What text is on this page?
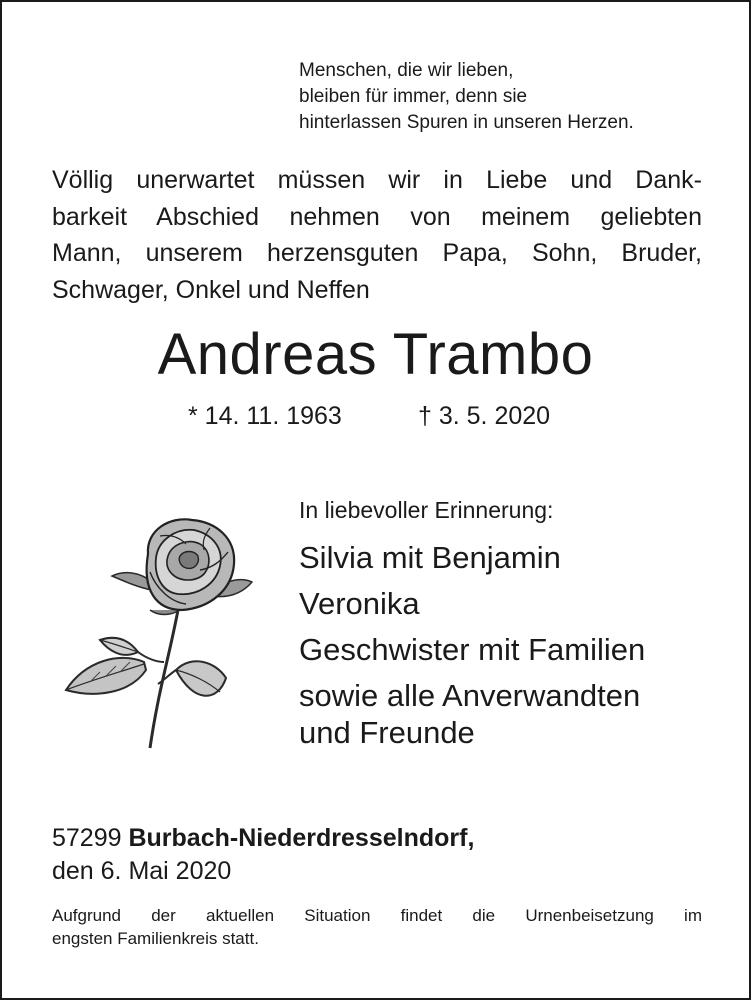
Menschen, die wir lieben,
bleiben für immer, denn sie
hinterlassen Spuren in unseren Herzen.
Völlig unerwartet müssen wir in Liebe und Dank-
barkeit Abschied nehmen von meinem geliebten
Mann, unserem herzensguten Papa, Sohn, Bruder,
Schwager, Onkel und Neffen
Andreas Trambo
* 14. 11. 1963	† 3. 5. 2020
In liebevoller Erinnerung:
Silvia mit Benjamin
Veronika
Geschwister mit Familien
sowie alle Anverwandten
und Freunde
57299 Burbach-Niederdresselndorf,
den 6. Mai 2020
Aufgrund der aktuellen Situation findet die Urnenbeisetzung im
engsten Familienkreis statt.
